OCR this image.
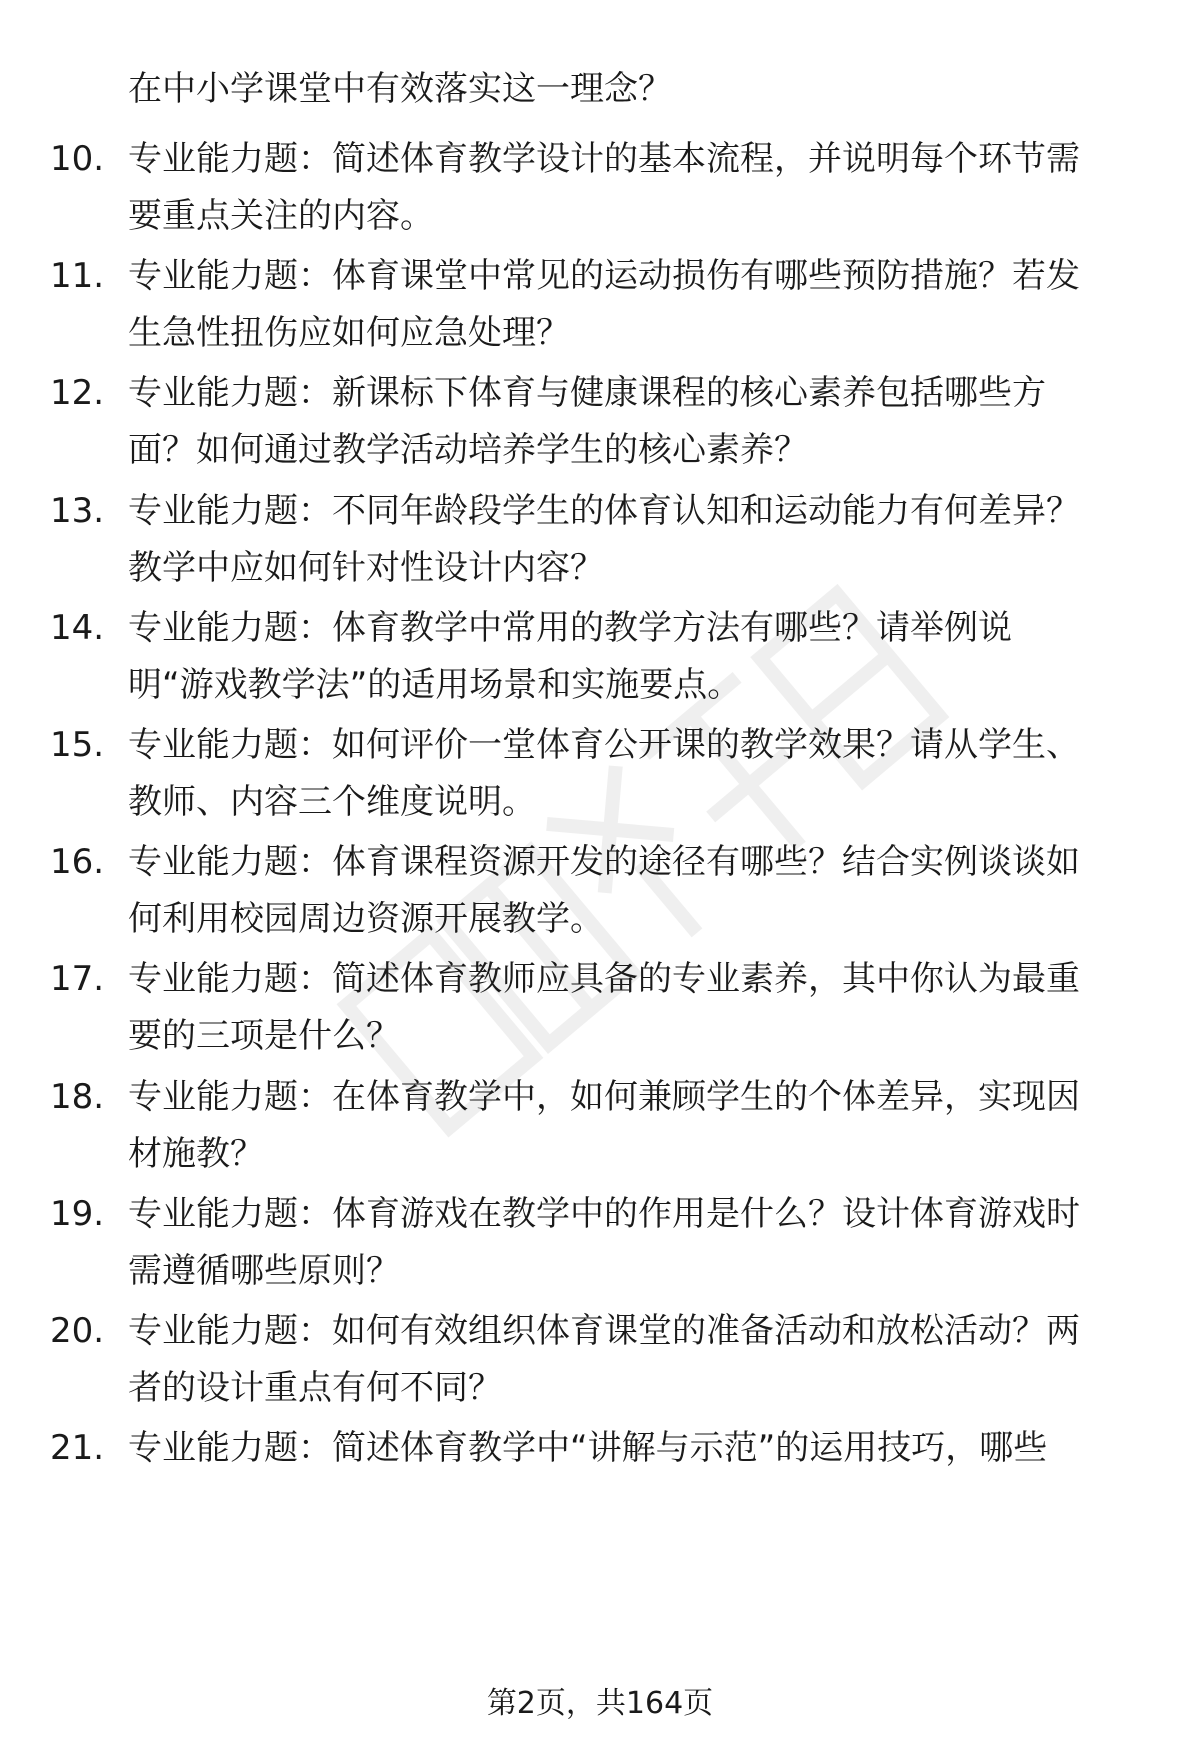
在中小学课堂中有效落实这一理念？
10. 专业能力题：简述体育教学设计的基本流程，并说明每个环节需
要重点关注的内容。
11. 专业能力题：体育课堂中常见的运动损伤有哪些预防措施？若发
生急性扭伤应如何应急处理？
12. 专业能力题：新课标下体育与健康课程的核心素养包括哪些方
面？如何通过教学活动培养学生的核心素养？
13. 专业能力题：不同年龄段学生的体育认知和运动能力有何差异？
教学中应如何针对性设计内容？
14. 专业能力题：体育教学中常用的教学方法有哪些？请举例说
明“游戏教学法”的适用场景和实施要点。
15. 专业能力题：如何评价一堂体育公开课的教学效果？请从学生、
教师、内容三个维度说明。
16. 专业能力题：体育课程资源开发的途径有哪些？结合实例谈谈如
何利用校园周边资源开展教学。
17. 专业能力题：简述体育教师应具备的专业素养，其中你认为最重
要的三项是什么？
18. 专业能力题：在体育教学中，如何兼顾学生的个体差异，实现因
材施教？
19. 专业能力题：体育游戏在教学中的作用是什么？设计体育游戏时
需遵循哪些原则？
20. 专业能力题：如何有效组织体育课堂的准备活动和放松活动？两
者的设计重点有何不同？
21. 专业能力题：简述体育教学中“讲解与示范”的运用技巧，哪些
第2页，共164页
